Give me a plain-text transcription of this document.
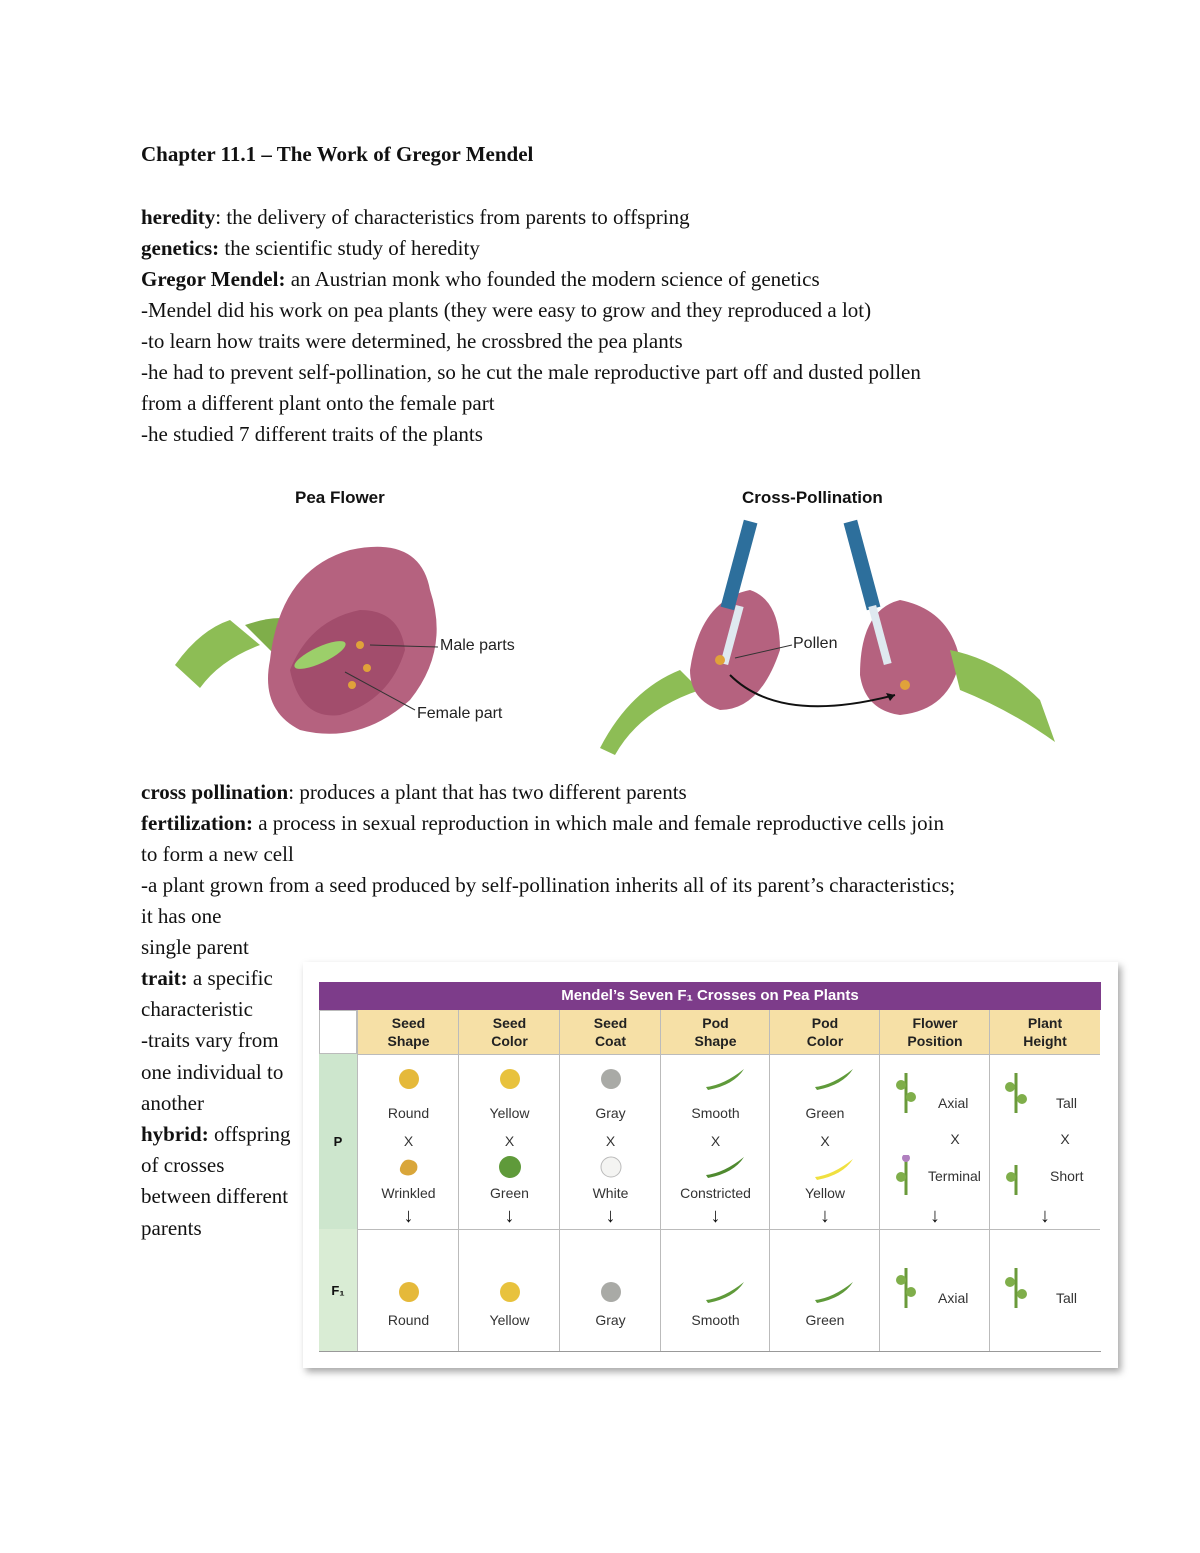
Chapter 11.1 – The Work of Gregor Mendel
heredity: the delivery of characteristics from parents to offspring
genetics: the scientific study of heredity
Gregor Mendel: an Austrian monk who founded the modern science of genetics
-Mendel did his work on pea plants (they were easy to grow and they reproduced a lot)
-to learn how traits were determined, he crossbred the pea plants
-he had to prevent self-pollination, so he cut the male reproductive part off and dusted pollen
from a different plant onto the female part
-he studied 7 different traits of the plants
Pea Flower	Cross-Pollination
Male parts
Female part
Pollen
cross pollination: produces a plant that has two different parents
fertilization: a process in sexual reproduction in which male and female reproductive cells join
to form a new cell
-a plant grown from a seed produced by self-pollination inherits all of its parent’s characteristics;
it has one
single parent
trait: a specific characteristic
-traits vary from one individual to another
hybrid: offspring of crosses between different parents
Mendel’s Seven F₁ Crosses on Pea Plants
P
F₁
Seed Shape
Round
X
Wrinkled
↓
Round
Seed Color
Yellow
X
Green
↓
Yellow
Seed Coat
Gray
X
White
↓
Gray
Pod Shape
Smooth
X
Constricted
↓
Smooth
Pod Color
Green
X
Yellow
↓
Green
Flower Position
Axial
X
Terminal
↓
Axial
Plant Height
Tall
X
Short
↓
Tall
